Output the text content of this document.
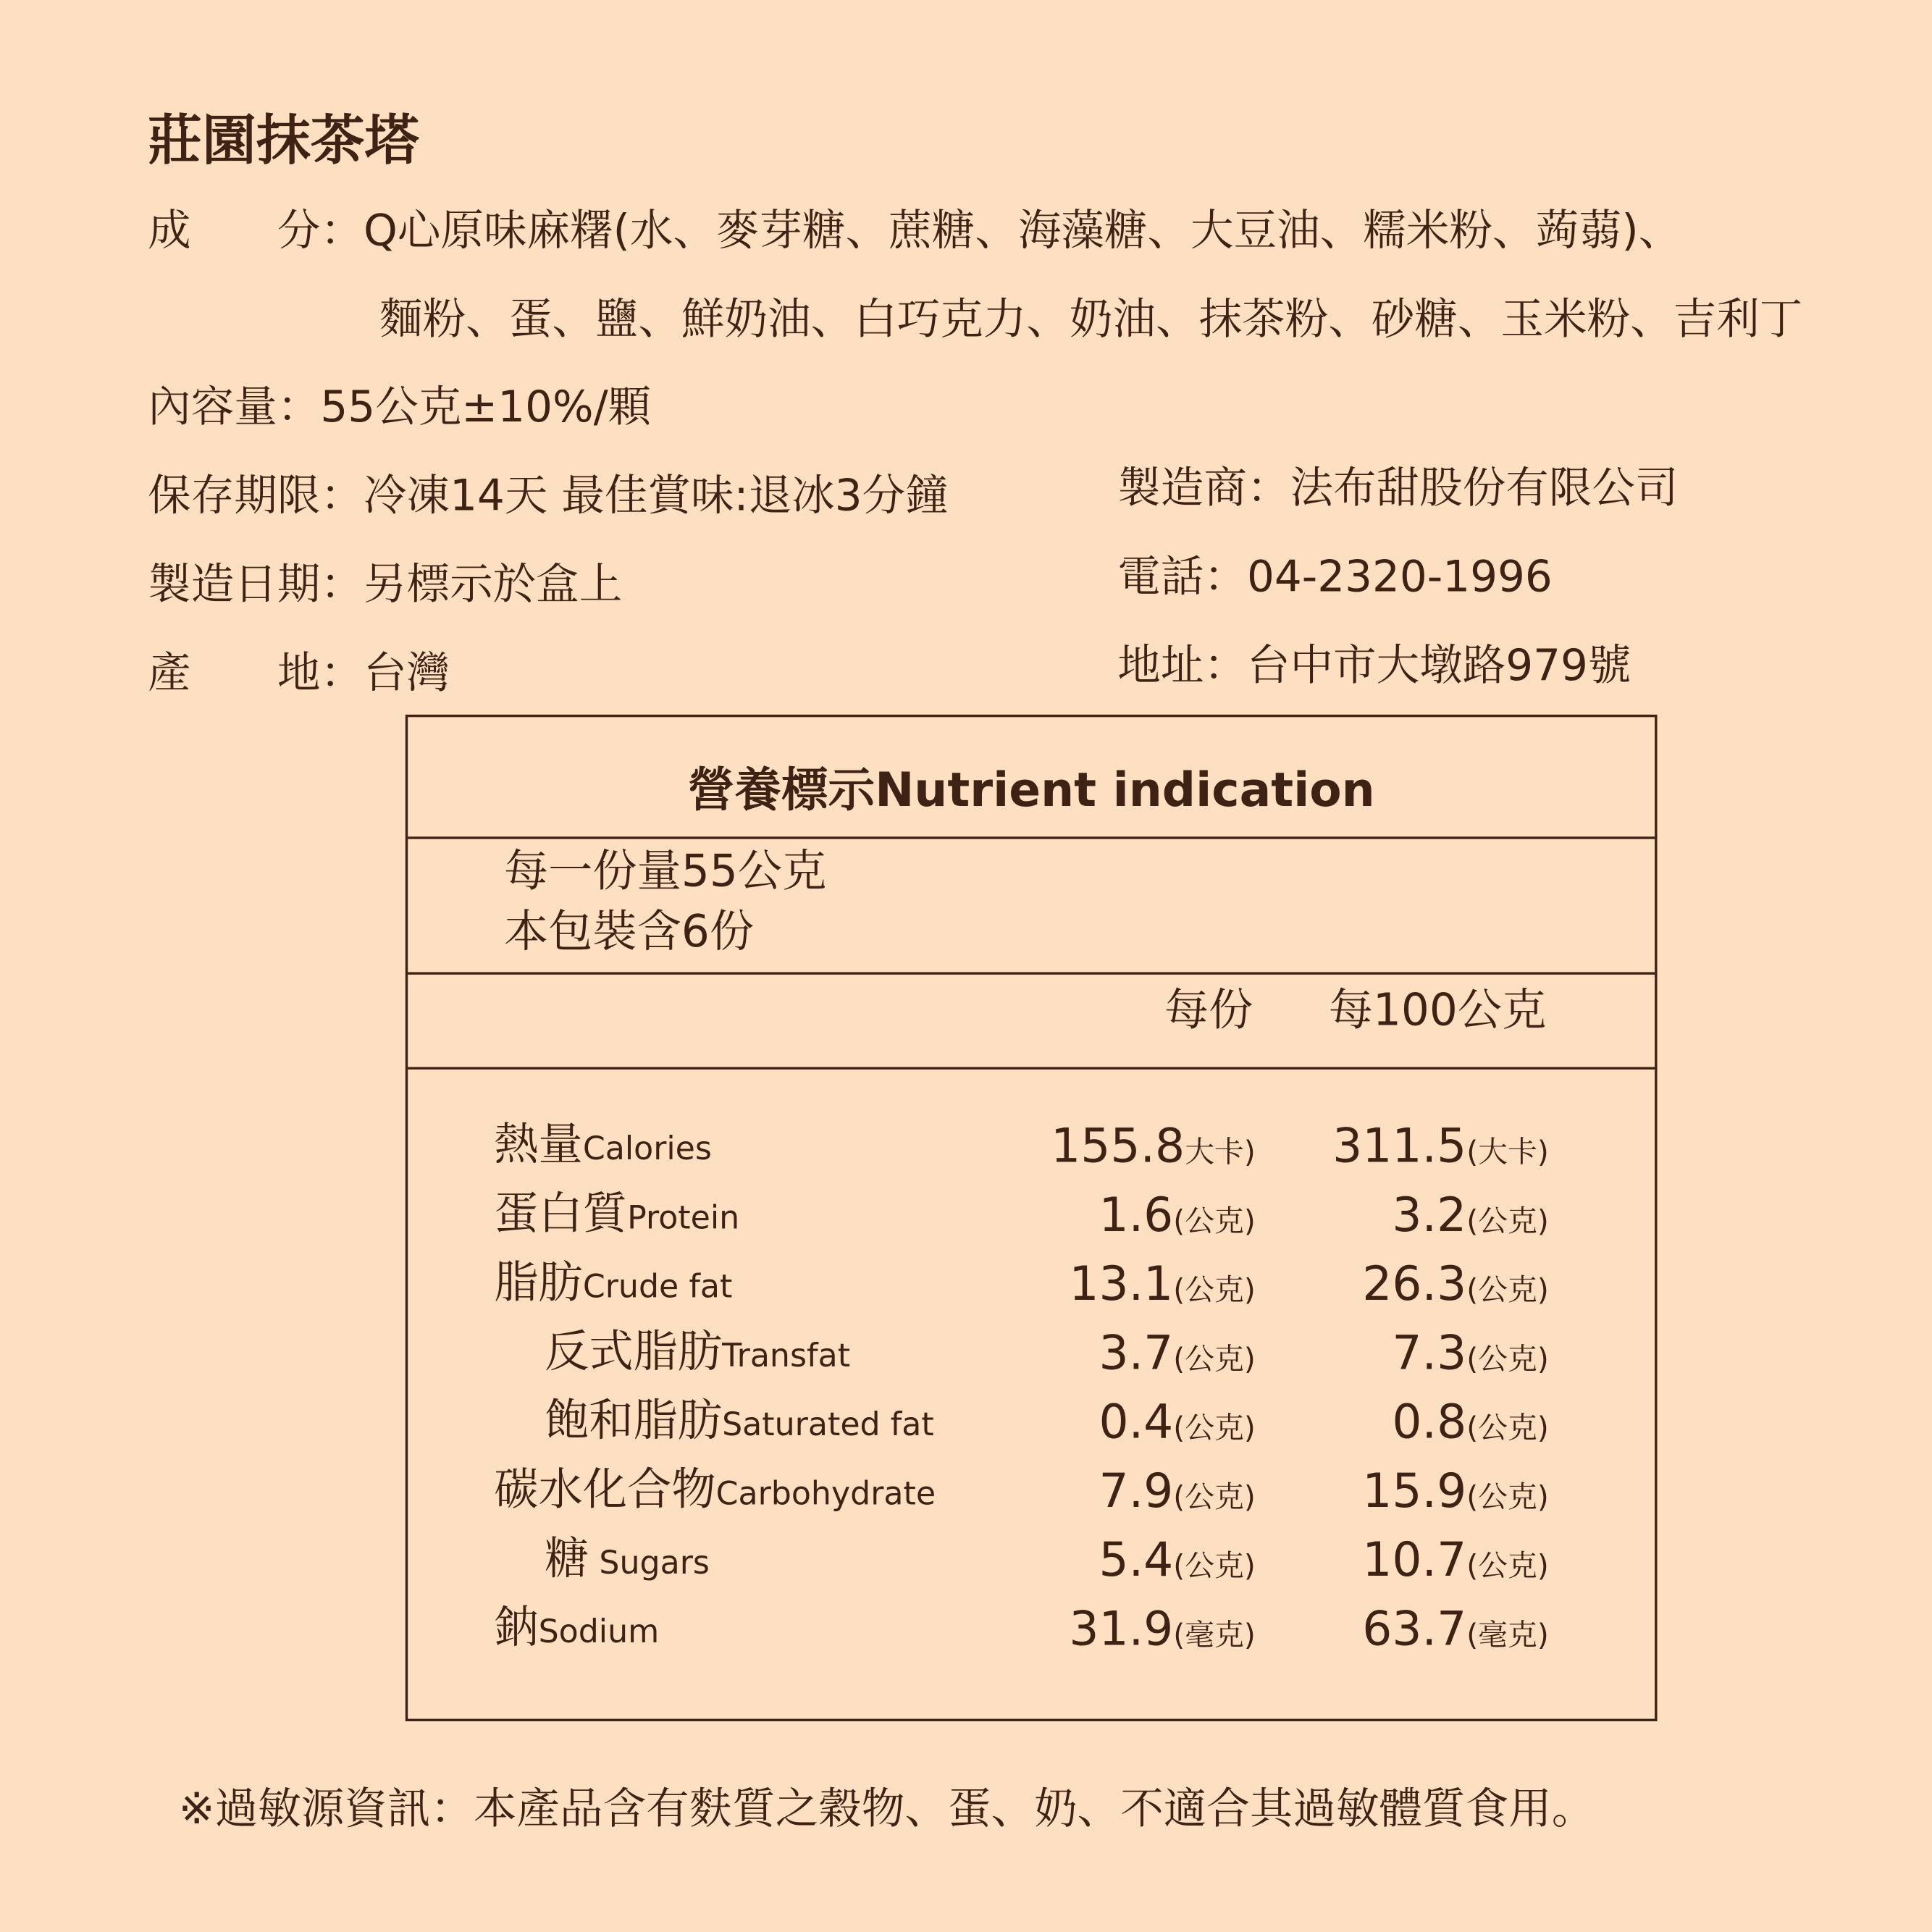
莊園抹茶塔
成　　分：Q心原味麻糬(水、麥芽糖、蔗糖、海藻糖、大豆油、糯米粉、蒟蒻)、
麵粉、蛋、鹽、鮮奶油、白巧克力、奶油、抹茶粉、砂糖、玉米粉、吉利丁
內容量：55公克±10%/顆
保存期限：冷凍14天 最佳賞味:退冰3分鐘
製造日期：另標示於盒上
產　　地：台灣
製造商：法布甜股份有限公司
電話：04-2320-1996
地址：台中市大墩路979號
營養標示Nutrient indication
每一份量55公克
本包裝含6份
每份	每100公克
熱量Calories	155.8大卡)	311.5(大卡)
蛋白質Protein	1.6(公克)	3.2(公克)
脂肪Crude fat	13.1(公克)	26.3(公克)
反式脂肪Transfat	3.7(公克)	7.3(公克)
飽和脂肪Saturated fat	0.4(公克)	0.8(公克)
碳水化合物Carbohydrate	7.9(公克)	15.9(公克)
糖 Sugars	5.4(公克)	10.7(公克)
鈉Sodium	31.9(毫克)	63.7(毫克)
※過敏源資訊：本產品含有麩質之穀物、蛋、奶、不適合其過敏體質食用。
